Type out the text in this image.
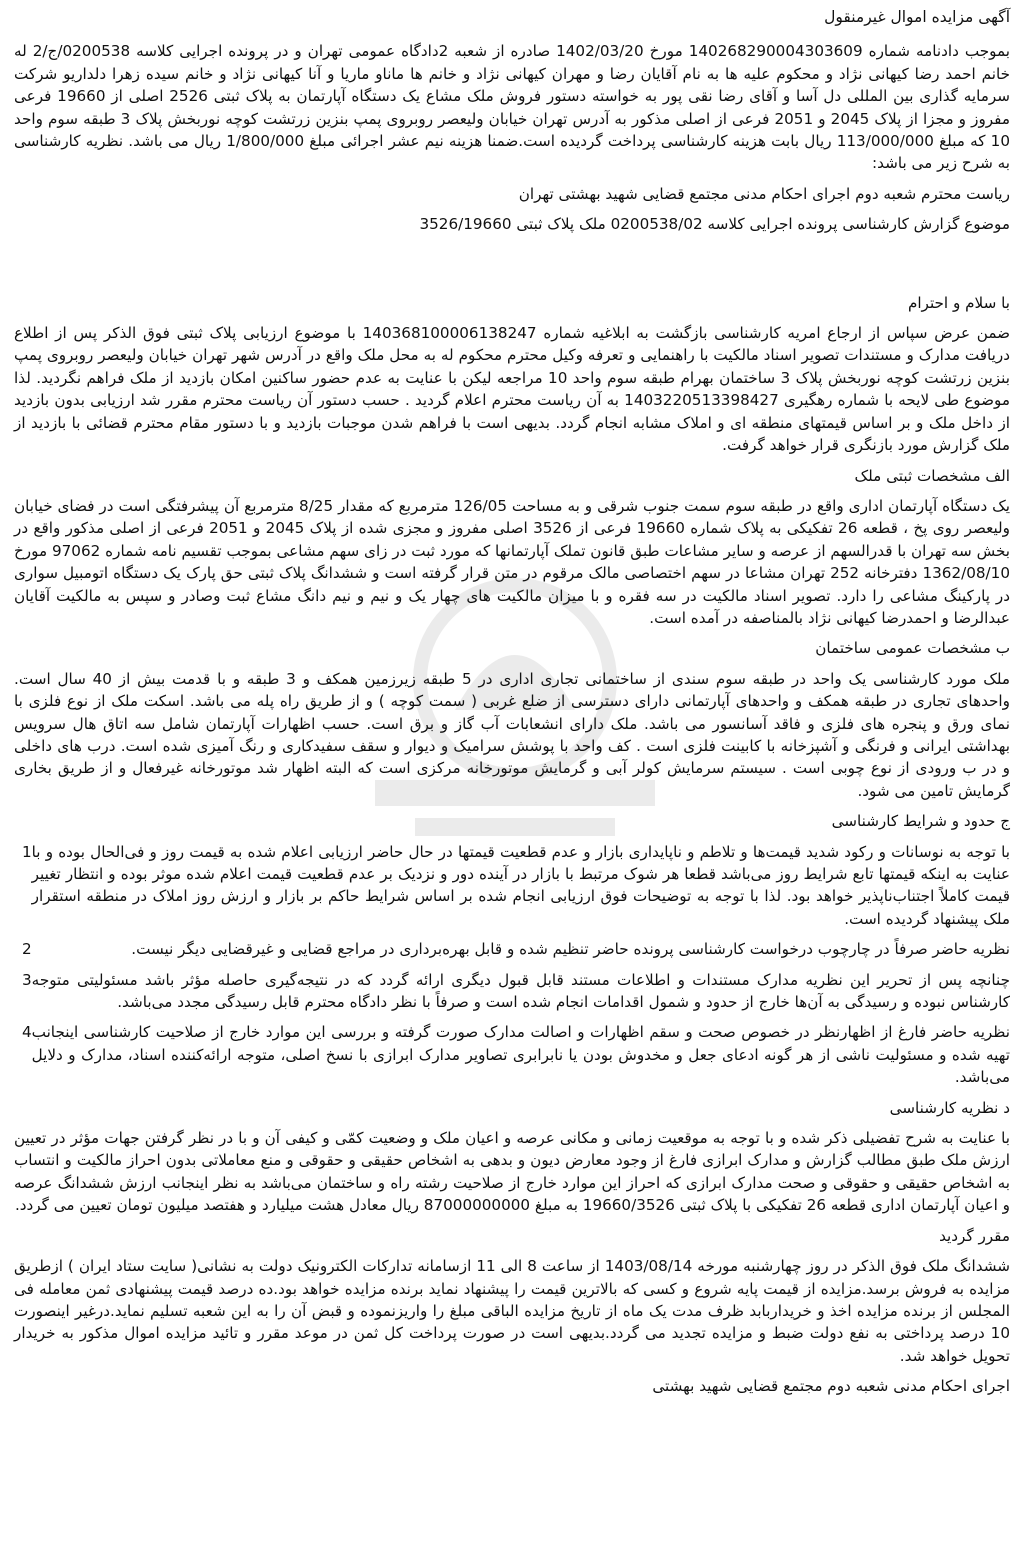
آگهی مزایده اموال غیرمنقول

بموجب دادنامه شماره 140268290004303609 مورخ 1402/03/20 صادره از شعبه 2دادگاه عمومی تهران و در پرونده اجرایی کلاسه 0200538/ج/2 له خانم احمد رضا کیهانی نژاد و محکوم علیه ها به نام آقایان رضا و مهران کیهانی نژاد و خانم ها ماناو ماریا و آنا کیهانی نژاد و خانم سیده زهرا دلداریو شرکت سرمایه گذاری بین المللی دل آسا و آقای رضا نقی پور به خواسته دستور فروش ملک مشاع یک دستگاه آپارتمان به پلاک ثبتی 2526 اصلی از 19660 فرعی مفروز و مجزا از پلاک 2045 و 2051 فرعی از اصلی مذکور به آدرس تهران خیابان ولیعصر روبروی پمپ بنزین زرتشت کوچه نوربخش پلاک 3 طبقه سوم واحد 10 که مبلغ 113/000/000 ریال بابت هزینه کارشناسی پرداخت گردیده است.ضمنا هزینه نیم عشر اجرائی مبلغ 1/800/000 ریال می باشد. نظریه کارشناسی به شرح زیر می باشد:

ریاست محترم شعبه دوم اجرای احکام مدنی مجتمع قضایی شهید بهشتی تهران

موضوع گزارش کارشناسی پرونده اجرایی کلاسه 0200538/02 ملک پلاک ثبتی 3526/19660

با سلام و احترام

ضمن عرض سپاس از ارجاع امریه کارشناسی بازگشت به ابلاغیه شماره 140368100006138247 با موضوع ارزیابی پلاک ثبتی فوق الذکر پس از اطلاع دریافت مدارک و مستندات تصویر اسناد مالکیت با راهنمایی و تعرفه وکیل محترم محکوم له به محل ملک واقع در آدرس شهر تهران خیابان ولیعصر روبروی پمپ بنزین زرتشت کوچه نوربخش پلاک 3 ساختمان بهرام طبقه سوم واحد 10 مراجعه لیکن با عنایت به عدم حضور ساکنین امکان بازدید از ملک فراهم نگردید. لذا موضوع طی لایحه با شماره رهگیری 1403220513398427 به آن ریاست محترم اعلام گردید . حسب دستور آن ریاست محترم مقرر شد ارزیابی بدون بازدید از داخل ملک و بر اساس قیمتهای منطقه ای و املاک مشابه انجام گردد. بدیهی است با فراهم شدن موجبات بازدید و با دستور مقام محترم قضائی با بازدید از ملک گزارش مورد بازنگری قرار خواهد گرفت.

الف مشخصات ثبتی ملک

یک دستگاه آپارتمان اداری واقع در طبقه سوم سمت جنوب شرقی و به مساحت 126/05 مترمربع که مقدار 8/25 مترمربع آن پیشرفتگی است در فضای خیابان ولیعصر روی پخ ، قطعه 26 تفکیکی به پلاک شماره 19660 فرعی از 3526 اصلی مفروز و مجزی شده از پلاک 2045 و 2051 فرعی از اصلی مذکور واقع در بخش سه تهران با قدرالسهم از عرصه و سایر مشاعات طبق قانون تملک آپارتمانها که مورد ثبت در زای سهم مشاعی بموجب تقسیم نامه شماره 97062 مورخ 1362/08/10 دفترخانه 252 تهران مشاعا در سهم اختصاصی مالک مرقوم در متن قرار گرفته است و ششدانگ پلاک ثبتی حق پارک یک دستگاه اتومبیل سواری در پارکینگ مشاعی را دارد. تصویر اسناد مالکیت در سه فقره و با میزان مالکیت های چهار یک و نیم و نیم دانگ مشاع ثبت وصادر و سپس به مالکیت آقایان عبدالرضا و احمدرضا کیهانی نژاد بالمناصفه در آمده است.

ب مشخصات عمومی ساختمان

ملک مورد کارشناسی یک واحد در طبقه سوم سندی از ساختمانی تجاری اداری در 5 طبقه زیرزمین همکف و 3 طبقه و با قدمت بیش از 40 سال است. واحدهای تجاری در طبقه همکف و واحدهای آپارتمانی دارای دسترسی از ضلع غربی ( سمت کوچه ) و از طریق راه پله می باشد. اسکت ملک از نوع فلزی با نمای ورق و پنجره های فلزی و فاقد آسانسور می باشد. ملک دارای انشعابات آب گاز و برق است. حسب اظهارات آپارتمان شامل سه اتاق هال سرویس بهداشتی ایرانی و فرنگی و آشپزخانه با کابینت فلزی است . کف واحد با پوشش سرامیک و دیوار و سقف سفیدکاری و رنگ آمیزی شده است. درب های داخلی و در ب ورودی از نوع چوبی است . سیستم سرمایش کولر آبی و گرمایش موتورخانه مرکزی است که البته اظهار شد موتورخانه غیرفعال و از طریق بخاری گرمایش تامین می شود.

ج حدود و شرایط کارشناسی

با توجه به نوسانات و رکود شدید قیمت‌ها و تلاطم و ناپایداری بازار و عدم قطعیت قیمتها در حال حاضر ارزیابی اعلام شده به قیمت روز و فی‌الحال بوده و با عنایت به اینکه قیمتها تابع شرایط روز می‌باشد قطعا هر شوک مرتبط با بازار در آینده دور و نزدیک بر عدم قطعیت قیمت اعلام شده موثر بوده و انتظار تغییر قیمت کاملاً اجتناب‌ناپذیر خواهد بود. لذا با توجه به توضیحات فوق ارزیابی انجام شده بر اساس شرایط حاکم بر بازار و ارزش روز املاک در منطقه استقرار ملک پیشنهاد گردیده است.
1
نظریه حاضر صرفاً در چارچوب درخواست کارشناسی پرونده حاضر تنظیم شده و قابل بهره‌برداری در مراجع قضایی و غیرقضایی دیگر نیست.
2
چنانچه پس از تحریر این نظریه مدارک مستندات و اطلاعات مستند قابل قبول دیگری ارائه گردد که در نتیجه‌گیری حاصله مؤثر باشد مسئولیتی متوجه کارشناس نبوده و رسیدگی به آن‌ها خارج از حدود و شمول اقدامات انجام شده است و صرفاً با نظر دادگاه محترم قابل رسیدگی مجدد می‌باشد.
3
نظریه حاضر فارغ از اظهارنظر در خصوص صحت و سقم اظهارات و اصالت مدارک صورت گرفته و بررسی این موارد خارج از صلاحیت کارشناسی اینجانب تهیه شده و مسئولیت ناشی از هر گونه ادعای جعل و مخدوش بودن یا نابرابری تصاویر مدارک ابرازی با نسخ اصلی، متوجه ارائه‌کننده اسناد، مدارک و دلایل می‌باشد.
4

د نظریه کارشناسی

با عنایت به شرح تفضیلی ذکر شده و با توجه به موقعیت زمانی و مکانی عرصه و اعیان ملک و وضعیت کمّی و کیفی آن و با در نظر گرفتن جهات مؤثر در تعیین ارزش ملک طبق مطالب گزارش و مدارک ابرازی فارغ از وجود معارض دیون و بدهی به اشخاص حقیقی و حقوقی و منع معاملاتی بدون احراز مالکیت و انتساب به اشخاص حقیقی و حقوقی و صحت مدارک ابرازی که احراز این موارد خارج از صلاحیت رشته راه و ساختمان می‌باشد به نظر اینجانب ارزش ششدانگ عرصه و اعیان آپارتمان اداری قطعه 26 تفکیکی با پلاک ثبتی 19660/3526 به مبلغ 87000000000 ریال معادل هشت میلیارد و هفتصد میلیون تومان تعیین می گردد.

مقرر گردید

ششدانگ ملک فوق الذکر در روز چهارشنبه مورخه 1403/08/14 از ساعت 8 الی 11 ازسامانه تدارکات الکترونیک دولت به نشانی( سایت ستاد ایران ) ازطریق مزایده به فروش برسد.مزایده از قیمت پایه شروع و کسی که بالاترین قیمت را پیشنهاد نماید برنده مزایده خواهد بود.ده درصد قیمت پیشنهادی ثمن معامله فی المجلس از برنده مزایده اخذ و خریداربابد ظرف مدت یک ماه از تاریخ مزایده الباقی مبلغ را واریزنموده و قبض آن را به این شعبه تسلیم نماید.درغیر اینصورت 10 درصد پرداختی به نفع دولت ضبط و مزایده تجدید می گردد.بدیهی است در صورت پرداخت کل ثمن در موعد مقرر و تائید مزایده اموال مذکور به خریدار تحویل خواهد شد.

اجرای احکام مدنی شعبه دوم مجتمع قضایی شهید بهشتی
